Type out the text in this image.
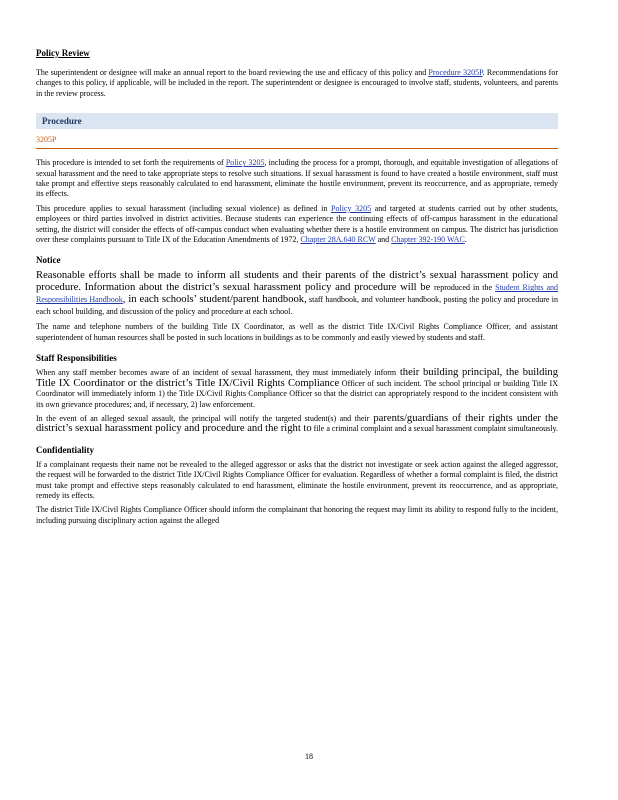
Policy Review

The superintendent or designee will make an annual report to the board reviewing the use and efficacy of this policy and Procedure 3205P. Recommendations for changes to this policy, if applicable, will be included in the report. The superintendent or designee is encouraged to involve staff, students, volunteers, and parents in the review process.

Procedure
3205P

This procedure is intended to set forth the requirements of Policy 3205, including the process for a prompt, thorough, and equitable investigation of allegations of sexual harassment and the need to take appropriate steps to resolve such situations. If sexual harassment is found to have created a hostile environment, staff must take prompt and effective steps reasonably calculated to end harassment, eliminate the hostile environment, prevent its reoccurrence, and as appropriate, remedy its effects.

This procedure applies to sexual harassment (including sexual violence) as defined in Policy 3205 and targeted at students carried out by other students, employees or third parties involved in district activities. Because students can experience the continuing effects of off-campus harassment in the educational setting, the district will consider the effects of off-campus conduct when evaluating whether there is a hostile environment on campus. The district has jurisdiction over these complaints pursuant to Title IX of the Education Amendments of 1972, Chapter 28A.640 RCW and Chapter 392-190 WAC.

Notice

Reasonable efforts shall be made to inform all students and their parents of the district’s sexual harassment policy and procedure. Information about the district’s sexual harassment policy and procedure will be reproduced in the Student Rights and Responsibilities Handbook, in each schools’ student/parent handbook, staff handbook, and volunteer handbook, posting the policy and procedure in each school building, and discussion of the policy and procedure at each school.

The name and telephone numbers of the building Title IX Coordinator, as well as the district Title IX/Civil Rights Compliance Officer, and assistant superintendent of human resources shall be posted in such locations in buildings as to be commonly and easily viewed by students and staff.

Staff Responsibilities

When any staff member becomes aware of an incident of sexual harassment, they must immediately inform their building principal, the building Title IX Coordinator or the district’s Title IX/Civil Rights Compliance Officer of such incident. The school principal or building Title IX Coordinator will immediately inform 1) the Title IX/Civil Rights Compliance Officer so that the district can appropriately respond to the incident consistent with its own grievance procedures; and, if necessary, 2) law enforcement.

In the event of an alleged sexual assault, the principal will notify the targeted student(s) and their parents/guardians of their rights under the district’s sexual harassment policy and procedure and the right to file a criminal complaint and a sexual harassment complaint simultaneously.

Confidentiality

If a complainant requests their name not be revealed to the alleged aggressor or asks that the district not investigate or seek action against the alleged aggressor, the request will be forwarded to the district Title IX/Civil Rights Compliance Officer for evaluation. Regardless of whether a formal complaint is filed, the district must take prompt and effective steps reasonably calculated to end harassment, eliminate the hostile environment, prevent its reoccurrence, and as appropriate, remedy its effects.

The district Title IX/Civil Rights Compliance Officer should inform the complainant that honoring the request may limit its ability to respond fully to the incident, including pursuing disciplinary action against the alleged

18
